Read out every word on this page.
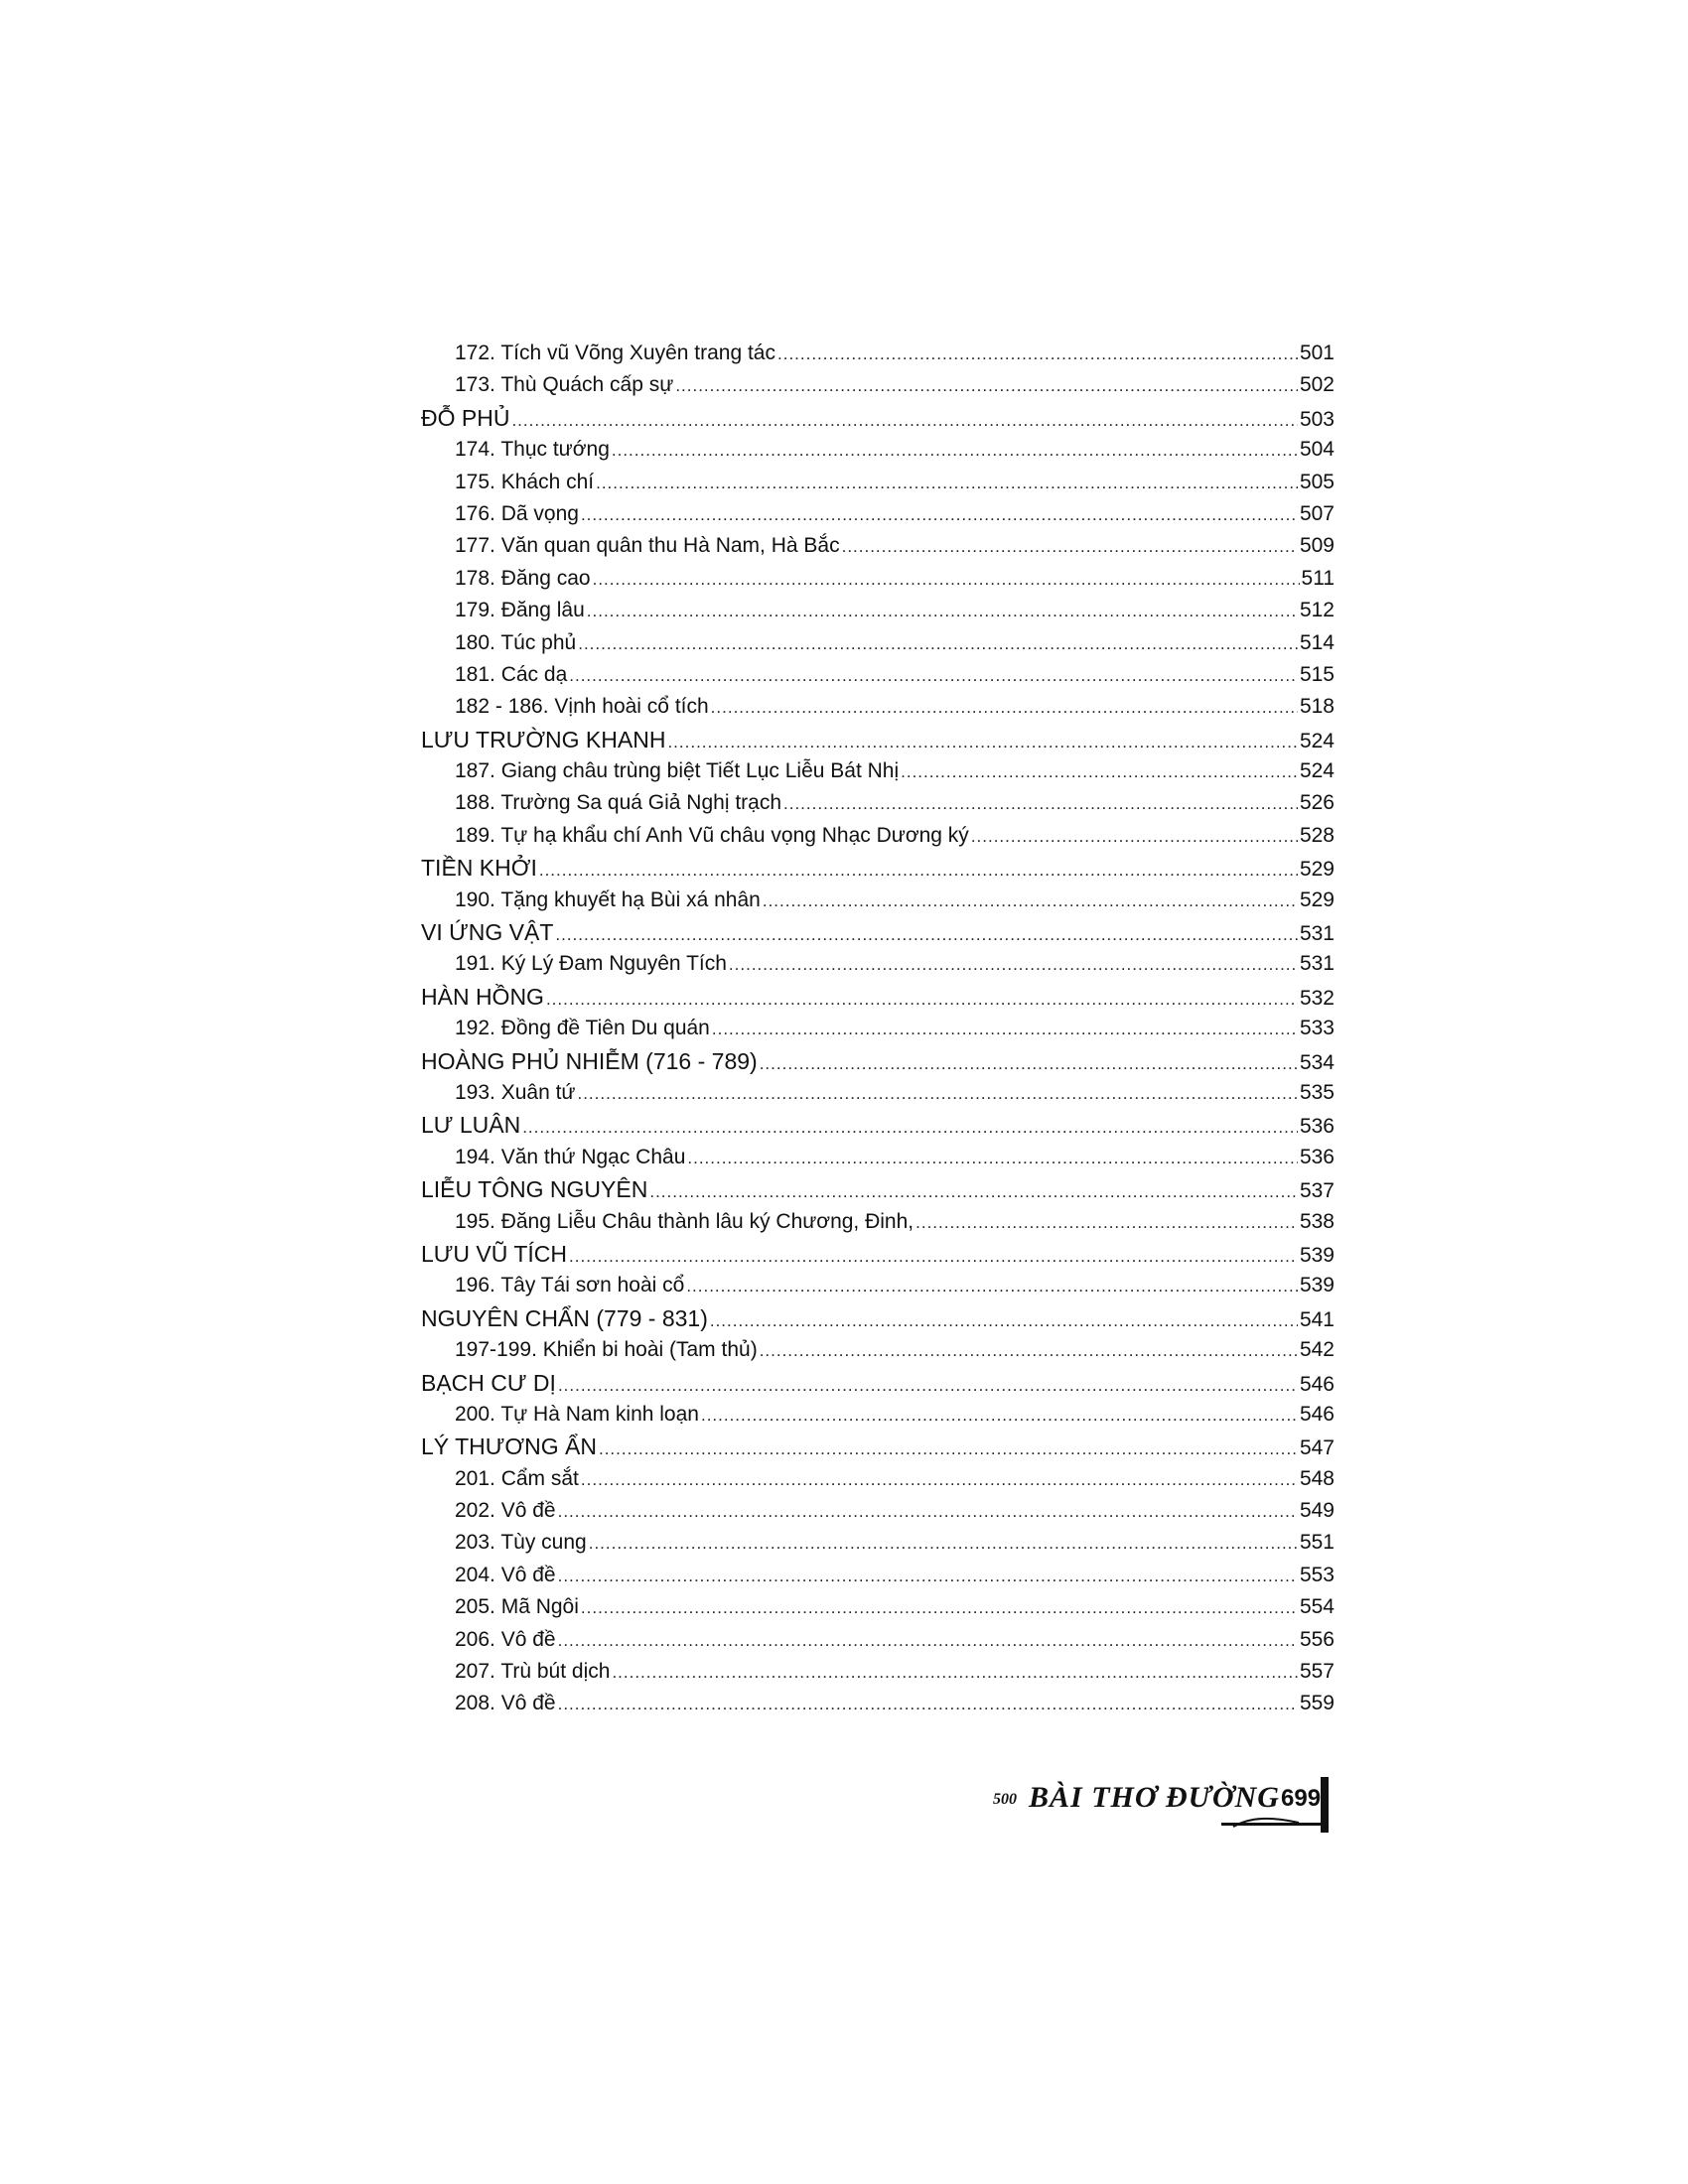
172. Tích vũ Võng Xuyên trang tác .....	501
173. Thù Quách cấp sự .....	502
ĐỖ PHỦ .....	503
174. Thục tướng .....	504
175. Khách chí .....	505
176. Dã vọng .....	507
177. Văn quan quân thu Hà Nam, Hà Bắc .....	509
178. Đăng cao .....	511
179. Đăng lâu .....	512
180. Túc phủ .....	514
181. Các dạ .....	515
182 - 186. Vịnh hoài cổ tích .....	518
LƯU TRƯỜNG KHANH .....	524
187. Giang châu trùng biệt Tiết Lục Liễu Bát Nhị .....	524
188. Trường Sa quá Giả Nghị trạch .....	526
189. Tự hạ khẩu chí Anh Vũ châu vọng Nhạc Dương ký .....	528
TIỀN KHỞI .....	529
190. Tặng khuyết hạ Bùi xá nhân .....	529
VI ỨNG VẬT .....	531
191. Ký Lý Đam Nguyên Tích .....	531
HÀN HỒNG .....	532
192. Đồng đề Tiên Du quán .....	533
HOÀNG PHỦ NHIỄM (716 - 789) .....	534
193. Xuân tứ .....	535
LƯ LUÂN .....	536
194. Văn thứ Ngạc Châu .....	536
LIỄU TÔNG NGUYÊN .....	537
195. Đăng Liễu Châu thành lâu ký Chương, Đinh, .....	538
LƯU VŨ TÍCH .....	539
196. Tây Tái sơn hoài cổ .....	539
NGUYÊN CHẨN (779 - 831) .....	541
197-199. Khiển bi hoài (Tam thủ) .....	542
BẠCH CƯ DỊ .....	546
200. Tự Hà Nam kinh loạn .....	546
LÝ THƯƠNG ẨN .....	547
201. Cẩm sắt .....	548
202. Vô đề .....	549
203. Tùy cung .....	551
204. Vô đề .....	553
205. Mã Ngôi .....	554
206. Vô đề .....	556
207. Trù bút dịch .....	557
208. Vô đề .....	559
500 BÀI THƠ ĐƯỜNG 699
